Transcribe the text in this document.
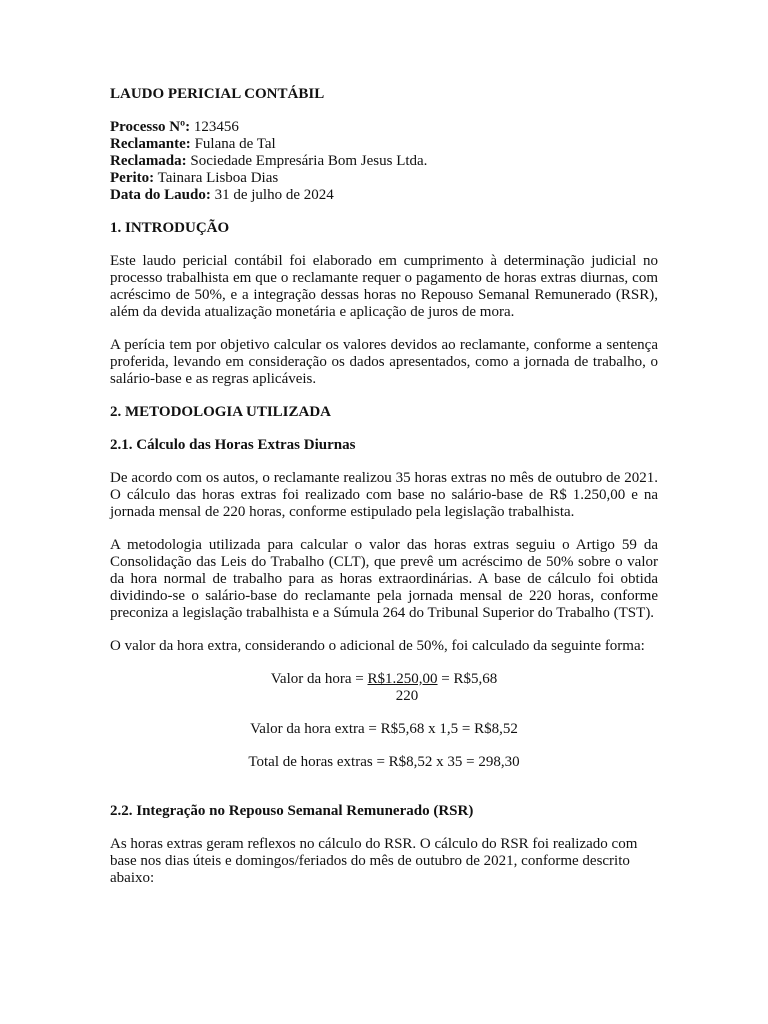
LAUDO PERICIAL CONTÁBIL
Processo Nº: 123456
Reclamante: Fulana de Tal
Reclamada: Sociedade Empresária Bom Jesus Ltda.
Perito: Tainara Lisboa Dias
Data do Laudo: 31 de julho de 2024
1. INTRODUÇÃO

Este laudo pericial contábil foi elaborado em cumprimento à determinação judicial no processo trabalhista em que o reclamante requer o pagamento de horas extras diurnas, com acréscimo de 50%, e a integração dessas horas no Repouso Semanal Remunerado (RSR), além da devida atualização monetária e aplicação de juros de mora.

A perícia tem por objetivo calcular os valores devidos ao reclamante, conforme a sentença proferida, levando em consideração os dados apresentados, como a jornada de trabalho, o salário-base e as regras aplicáveis.

2. METODOLOGIA UTILIZADA
2.1. Cálculo das Horas Extras Diurnas

De acordo com os autos, o reclamante realizou 35 horas extras no mês de outubro de 2021. O cálculo das horas extras foi realizado com base no salário-base de R$ 1.250,00 e na jornada mensal de 220 horas, conforme estipulado pela legislação trabalhista.

A metodologia utilizada para calcular o valor das horas extras seguiu o Artigo 59 da Consolidação das Leis do Trabalho (CLT), que prevê um acréscimo de 50% sobre o valor da hora normal de trabalho para as horas extraordinárias. A base de cálculo foi obtida dividindo-se o salário-base do reclamante pela jornada mensal de 220 horas, conforme preconiza a legislação trabalhista e a Súmula 264 do Tribunal Superior do Trabalho (TST).

O valor da hora extra, considerando o adicional de 50%, foi calculado da seguinte forma:

Valor da hora = R$1.250,00 = R$5,68
220
Valor da hora extra = R$5,68 x 1,5 = R$8,52
Total de horas extras = R$8,52 x 35 = 298,30
2.2. Integração no Repouso Semanal Remunerado (RSR)

As horas extras geram reflexos no cálculo do RSR. O cálculo do RSR foi realizado com base nos dias úteis e domingos/feriados do mês de outubro de 2021, conforme descrito abaixo:
